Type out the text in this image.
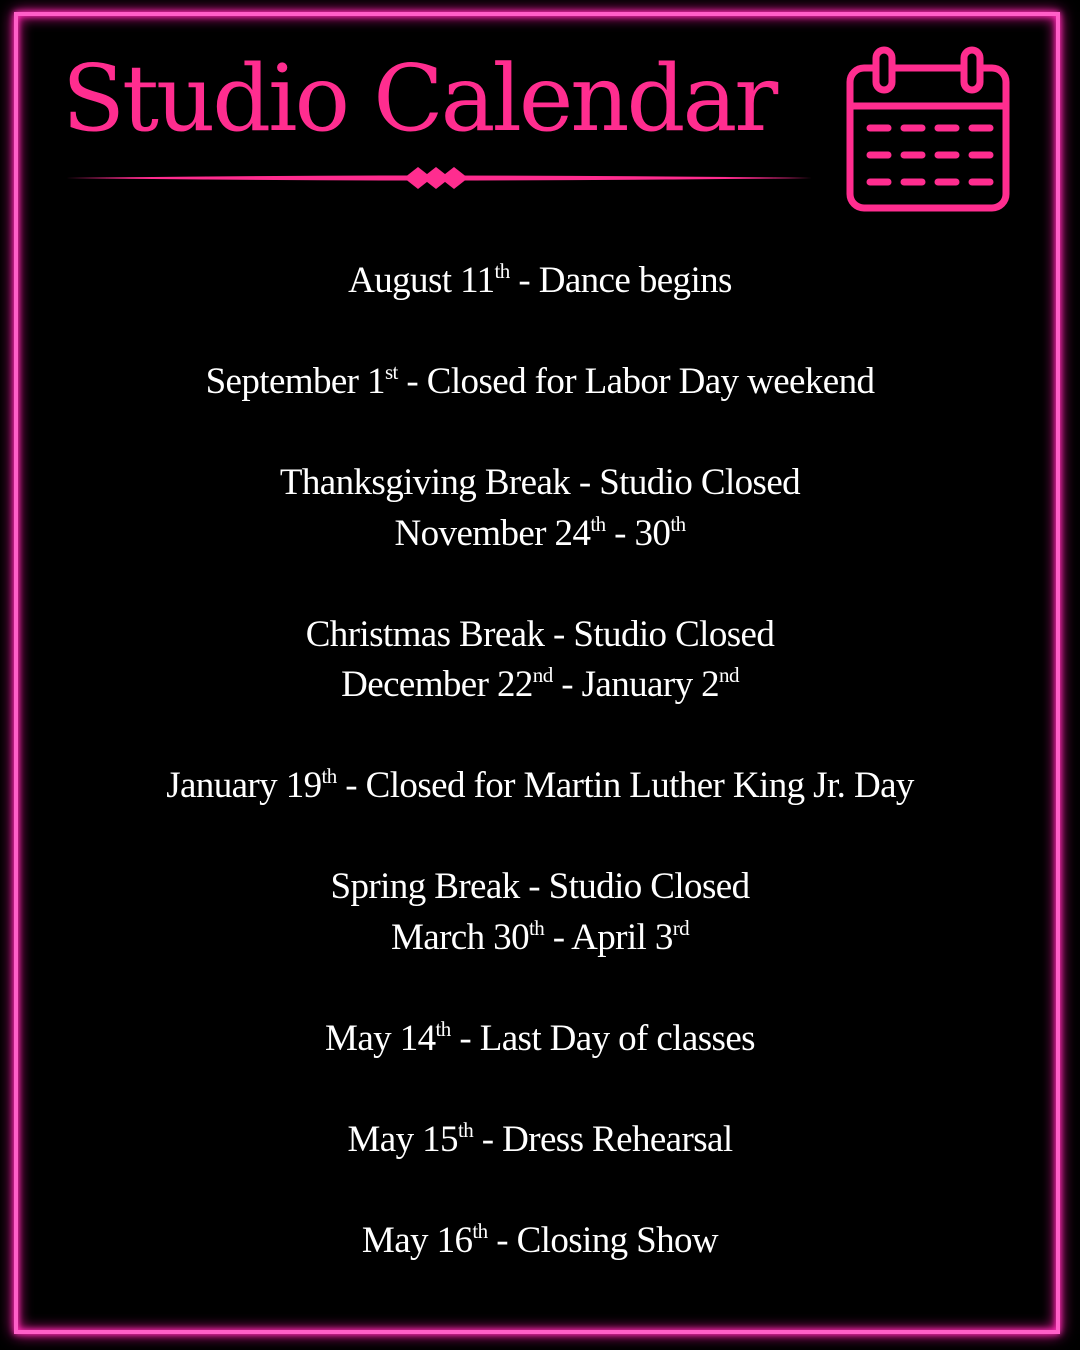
Studio Calendar

August 11th - Dance begins

September 1st - Closed for Labor Day weekend

Thanksgiving Break - Studio Closed
November 24th - 30th

Christmas Break - Studio Closed
December 22nd - January 2nd

January 19th - Closed for Martin Luther King Jr. Day

Spring Break - Studio Closed
March 30th - April 3rd

May 14th - Last Day of classes

May 15th - Dress Rehearsal

May 16th - Closing Show
